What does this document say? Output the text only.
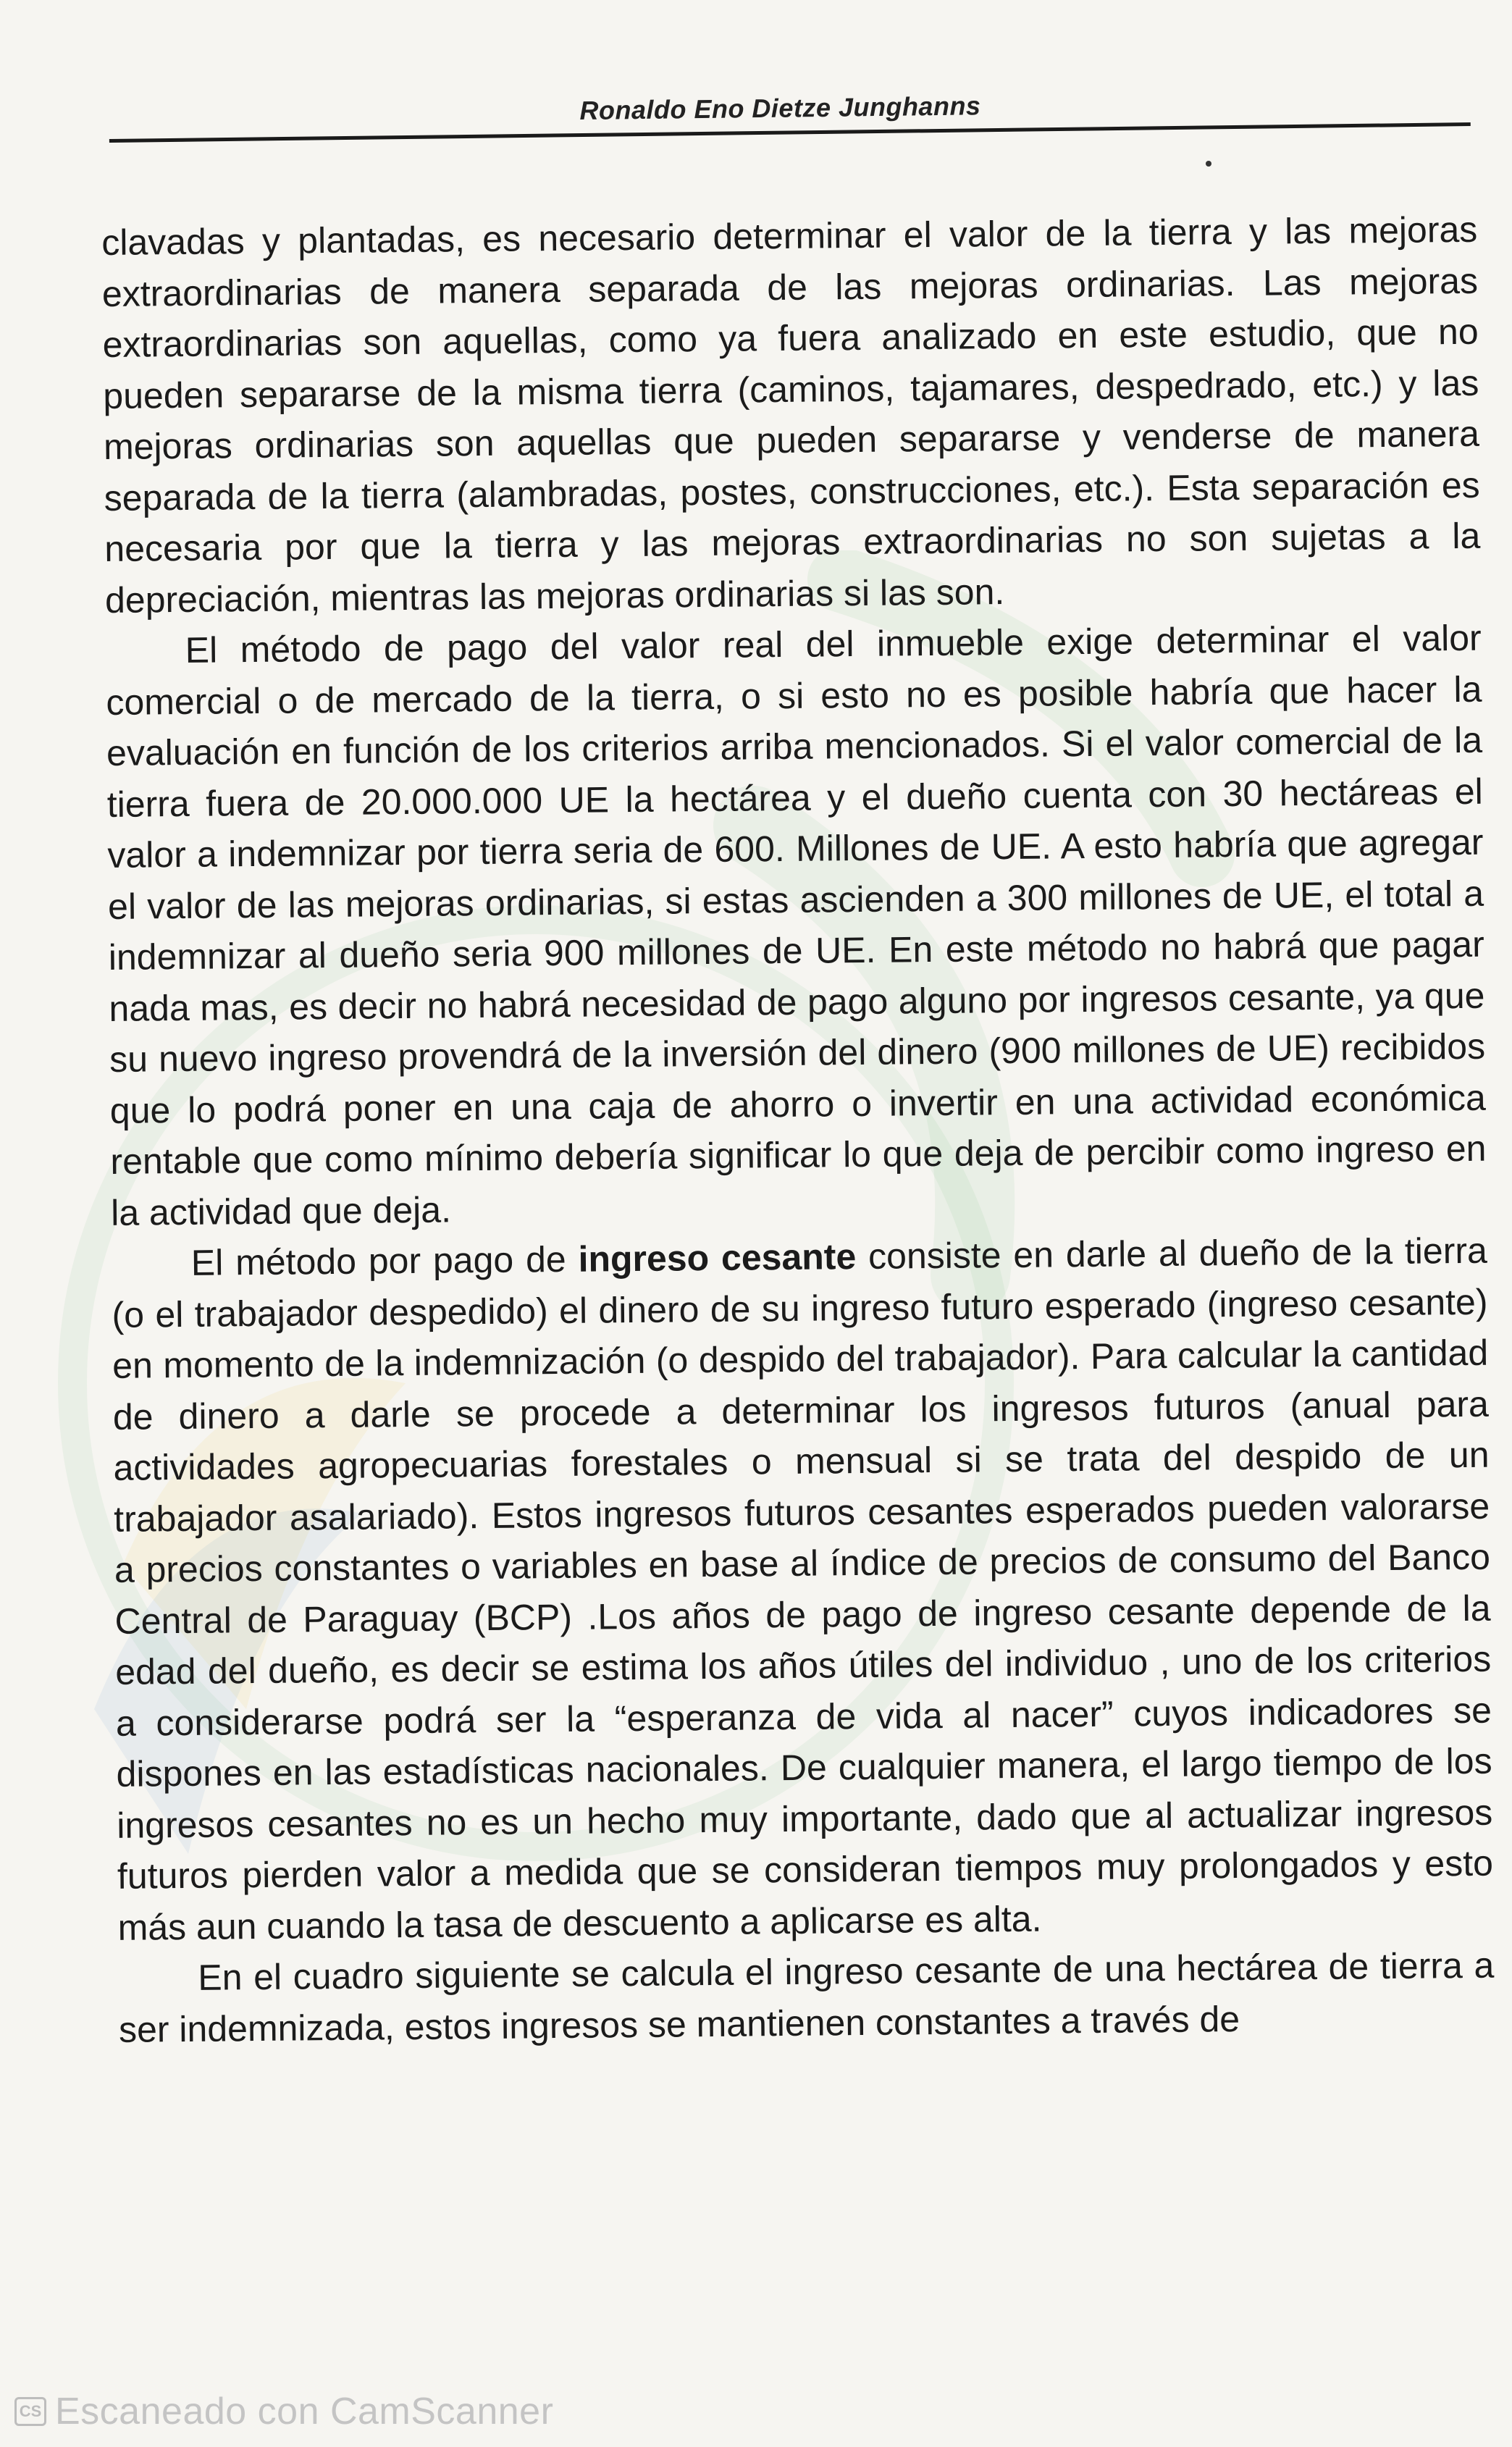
Ronaldo Eno Dietze Junghanns

clavadas y plantadas, es necesario determinar el valor de la tierra y las mejoras extraordinarias de manera separada de las mejoras ordinarias. Las mejoras extraordinarias son aquellas, como ya fuera analizado en este estudio, que no pueden separarse de la misma tierra (caminos, tajamares, despedrado, etc.) y las mejoras ordinarias son aquellas que pueden separarse y venderse de manera separada de la tierra (alambradas, postes, construcciones, etc.). Esta separación es necesaria por que la tierra y las mejoras extraordinarias no son sujetas a la depreciación, mientras las mejoras ordinarias si las son.

El método de pago del valor real del inmueble exige determinar el valor comercial o de mercado de la tierra, o si esto no es posible habría que hacer la evaluación en función de los criterios arriba mencionados. Si el valor comercial de la tierra fuera de 20.000.000 UE la hectárea y el dueño cuenta con 30 hectáreas el valor a indemnizar por tierra seria de 600. Millones de UE. A esto habría que agregar el valor de las mejoras ordinarias, si estas ascienden a 300 millones de UE, el total a indemnizar al dueño seria 900 millones de UE. En este método no habrá que pagar nada mas, es decir no habrá necesidad de pago alguno por ingresos cesante, ya que su nuevo ingreso provendrá de la inversión del dinero (900 millones de UE) recibidos que lo podrá poner en una caja de ahorro o invertir en una actividad económica rentable que como mínimo debería significar lo que deja de percibir como ingreso en la actividad que deja.

El método por pago de ingreso cesante consiste en darle al dueño de la tierra (o el trabajador despedido) el dinero de su ingreso futuro esperado (ingreso cesante) en momento de la indemnización (o despido del trabajador). Para calcular la cantidad de dinero a darle se procede a determinar los ingresos futuros (anual para actividades agropecuarias forestales o mensual si se trata del despido de un trabajador asalariado). Estos ingresos futuros cesantes esperados pueden valorarse a precios constantes o variables en base al índice de precios de consumo del Banco Central de Paraguay (BCP) .Los años de pago de ingreso cesante depende de la edad del dueño, es decir se estima los años útiles del individuo , uno de los criterios a considerarse podrá ser la “esperanza de vida al nacer” cuyos indicadores se dispones en las estadísticas nacionales. De cualquier manera, el largo tiempo de los ingresos cesantes no es un hecho muy importante, dado que al actualizar ingresos futuros pierden valor a medida que se consideran tiempos muy prolongados y esto más aun cuando la tasa de descuento a aplicarse es alta.

En el cuadro siguiente se calcula el ingreso cesante de una hectárea de tierra a ser indemnizada, estos ingresos se mantienen constantes a través de

CS Escaneado con CamScanner
